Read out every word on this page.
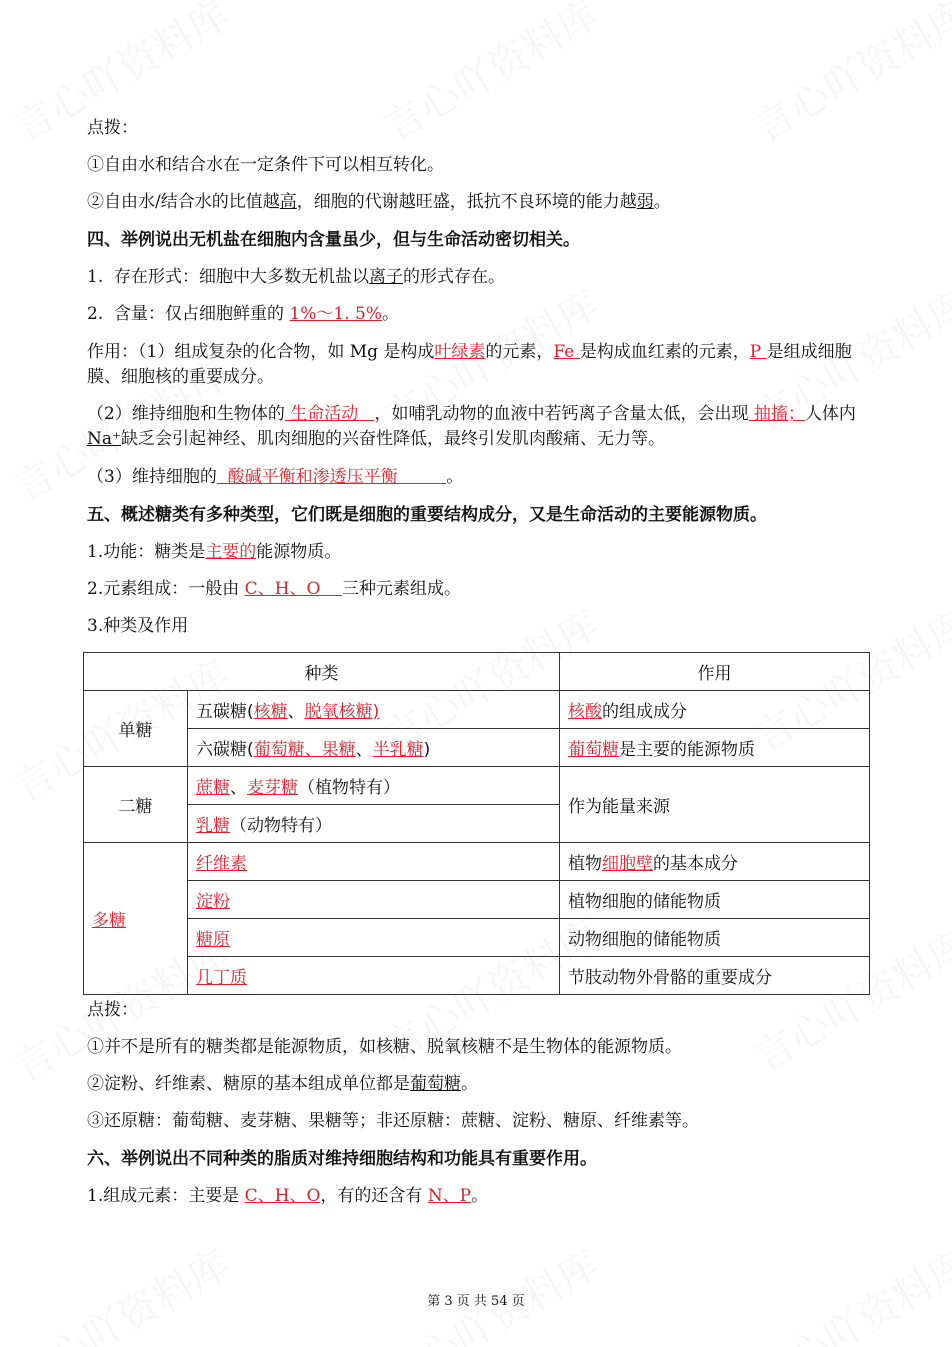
点拨：
①自由水和结合水在一定条件下可以相互转化。
②自由水/结合水的比值越高，细胞的代谢越旺盛，抵抗不良环境的能力越弱。
四、举例说出无机盐在细胞内含量虽少，但与生命活动密切相关。
1.  存在形式：细胞中大多数无机盐以离子的形式存在。
2.  含量：仅占细胞鲜重的 1%～1. 5%。
作用：（1）组成复杂的化合物，如 Mg 是构成叶绿素的元素，Fe 是构成血红素的元素，P 是组成细胞膜、细胞核的重要成分。
（2）维持细胞和生物体的 生命活动   ，如哺乳动物的血液中若钙离子含量太低，会出现 抽搐；人体内 Na⁺缺乏会引起神经、肌肉细胞的兴奋性降低，最终引发肌肉酸痛、无力等。
（3）维持细胞的  酸碱平衡和渗透压平衡         。
五、概述糖类有多种类型，它们既是细胞的重要结构成分，又是生命活动的主要能源物质。
1.功能：糖类是主要的能源物质。
2.元素组成：一般由 C、H、O    三种元素组成。
3.种类及作用
点拨：
①并不是所有的糖类都是能源物质，如核糖、脱氧核糖不是生物体的能源物质。
②淀粉、纤维素、糖原的基本组成单位都是葡萄糖。
③还原糖：葡萄糖、麦芽糖、果糖等；非还原糖：蔗糖、淀粉、糖原、纤维素等。
六、举例说出不同种类的脂质对维持细胞结构和功能具有重要作用。
1.组成元素：主要是 C、H、O，有的还含有 N、P。
种类		作用
单糖	五碳糖(核糖、脱氧核糖)	核酸的组成成分
	六碳糖(葡萄糖、果糖、半乳糖)	葡萄糖是主要的能源物质
二糖	蔗糖、麦芽糖（植物特有）	作为能量来源
	乳糖（动物特有）	
多糖	纤维素	植物细胞壁的基本成分
	淀粉	植物细胞的储能物质
	糖原	动物细胞的储能物质
	几丁质	节肢动物外骨骼的重要成分
第 3 页 共 54 页
